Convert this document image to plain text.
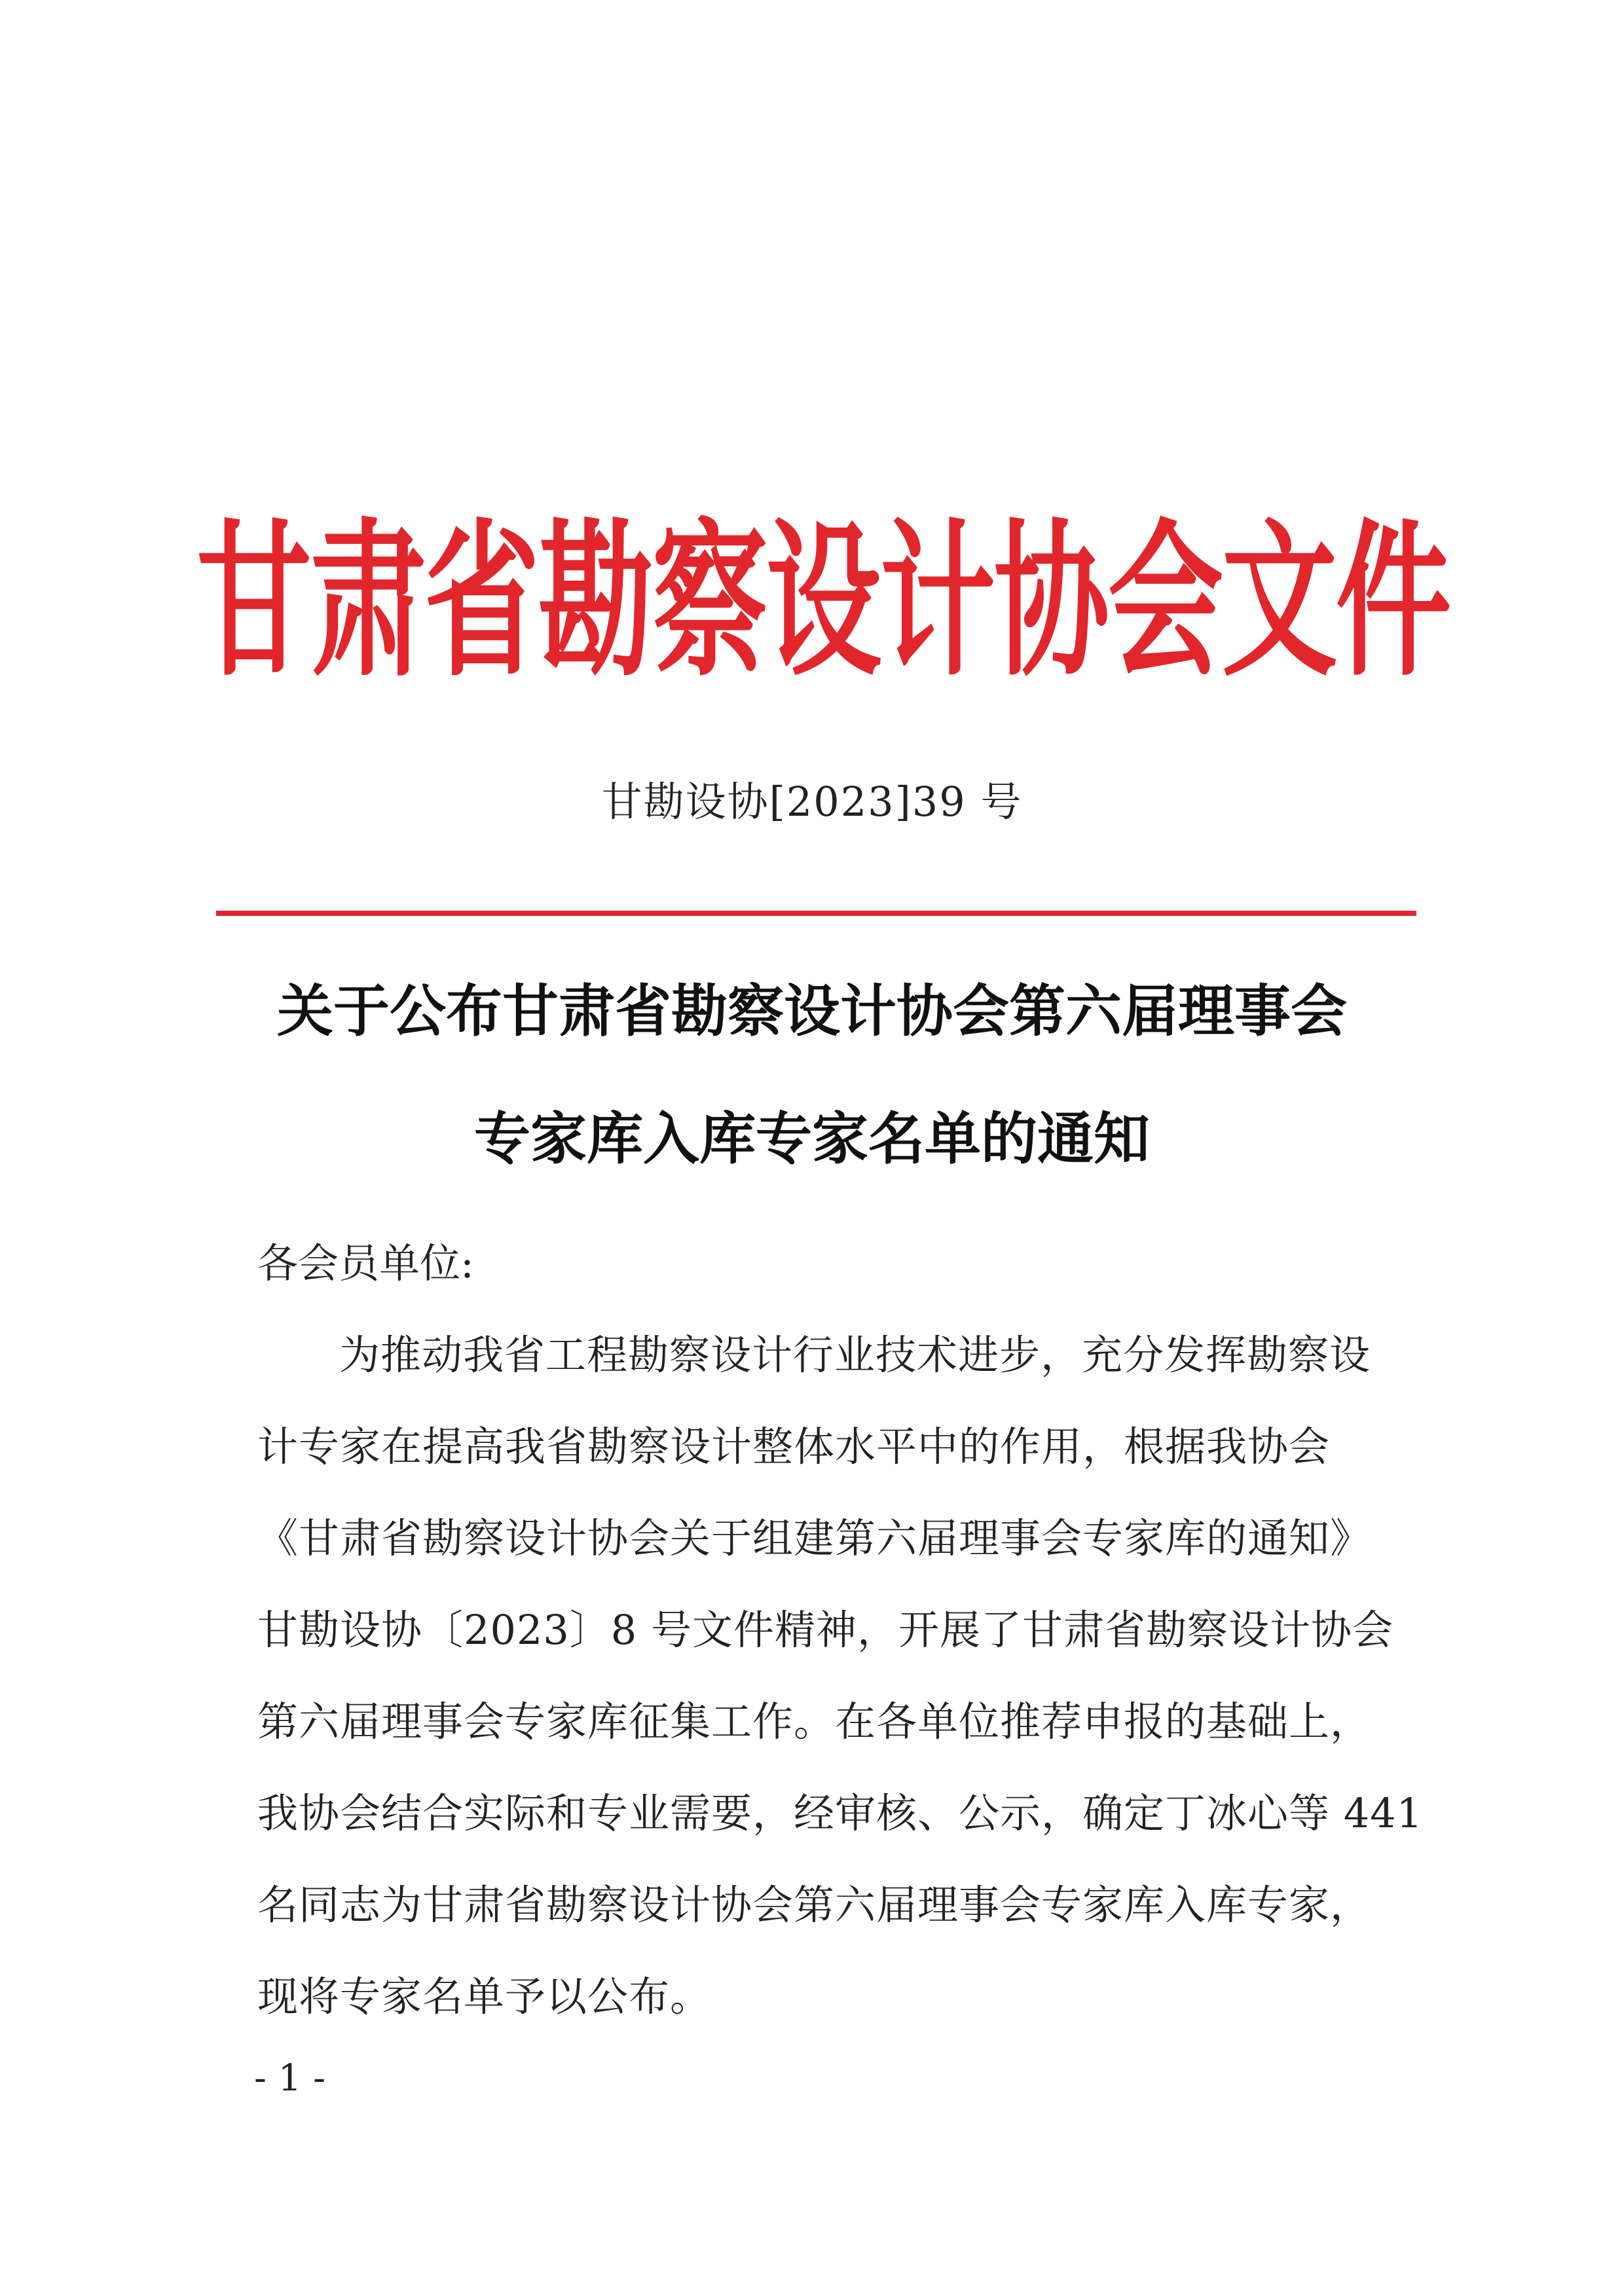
甘肃省勘察设计协会文件
甘勘设协[2023]39 号
关于公布甘肃省勘察设计协会第六届理事会
专家库入库专家名单的通知
各会员单位:
为推动我省工程勘察设计行业技术进步，充分发挥勘察设
计专家在提高我省勘察设计整体水平中的作用，根据我协会
《甘肃省勘察设计协会关于组建第六届理事会专家库的通知》
甘勘设协〔2023〕8 号文件精神，开展了甘肃省勘察设计协会
第六届理事会专家库征集工作。在各单位推荐申报的基础上，
我协会结合实际和专业需要，经审核、公示，确定丁冰心等 441
名同志为甘肃省勘察设计协会第六届理事会专家库入库专家，
现将专家名单予以公布。
- 1 -
